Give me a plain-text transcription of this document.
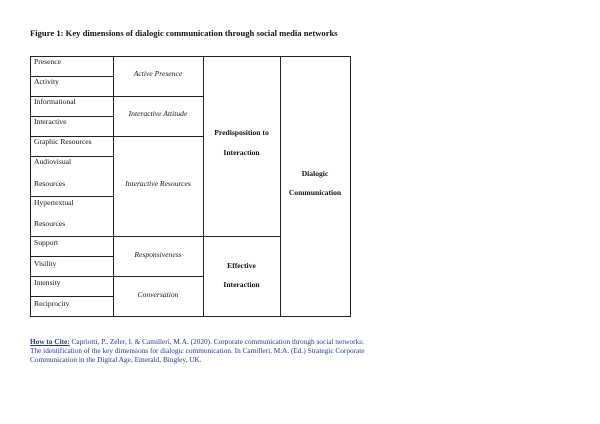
Figure 1: Key dimensions of dialogic communication through social media networks
Presence
Activity
Informational
Interactive
Graphic Resources
Audiovisual
Resources
Hypertextual
Resources
Support
Visility
Intensity
Reciprocity
Active Presence
Interactive Attitude
Interactive Resources
Responsiveness
Conversation
Predisposition to
Interaction
Effective
Interaction
Dialogic
Communication
How to Cite: Capriotti, P., Zeler, I. & Camilleri, M.A. (2020). Corporate communication through social networks: The identification of the key dimensions for dialogic communication. In Camilleri, M.A. (Ed.) Strategic Corporate Communication in the Digital Age, Emerald, Bingley, UK.
